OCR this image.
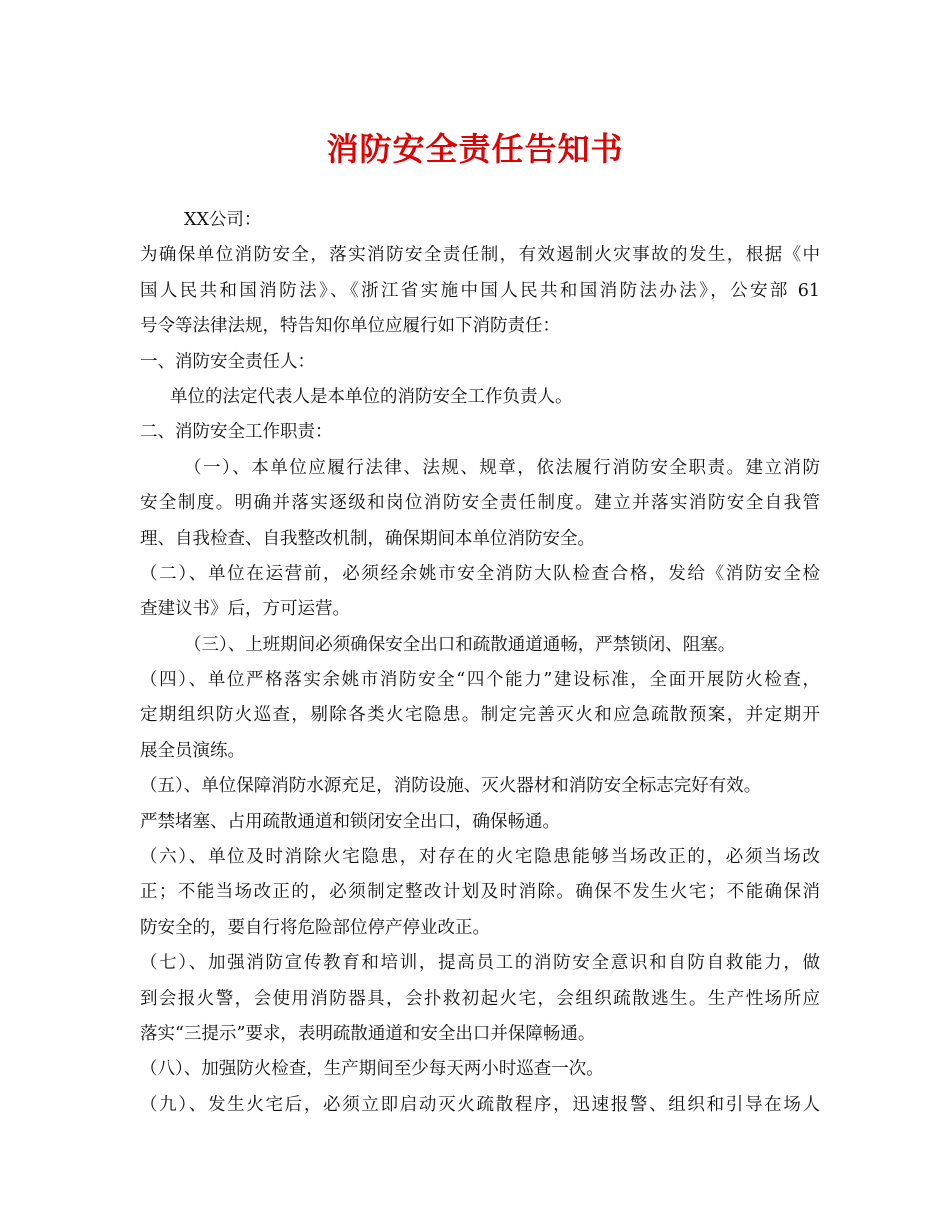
消防安全责任告知书
XX公司：
为确保单位消防安全，落实消防安全责任制，有效遏制火灾事故的发生，根据《中
国人民共和国消防法》、《浙江省实施中国人民共和国消防法办法》，公安部 61
号令等法律法规，特告知你单位应履行如下消防责任：
一、消防安全责任人：
单位的法定代表人是本单位的消防安全工作负责人。
二、消防安全工作职责：
（一）、本单位应履行法律、法规、规章，依法履行消防安全职责。建立消防
安全制度。明确并落实逐级和岗位消防安全责任制度。建立并落实消防安全自我管
理、自我检查、自我整改机制，确保期间本单位消防安全。
（二）、单位在运营前，必须经余姚市安全消防大队检查合格，发给《消防安全检
查建议书》后，方可运营。
（三）、上班期间必须确保安全出口和疏散通道通畅，严禁锁闭、阻塞。
（四）、单位严格落实余姚市消防安全“四个能力”建设标准，全面开展防火检查，
定期组织防火巡查，剔除各类火宅隐患。制定完善灭火和应急疏散预案，并定期开
展全员演练。
（五）、单位保障消防水源充足，消防设施、灭火器材和消防安全标志完好有效。
严禁堵塞、占用疏散通道和锁闭安全出口，确保畅通。
（六）、单位及时消除火宅隐患，对存在的火宅隐患能够当场改正的，必须当场改
正；不能当场改正的，必须制定整改计划及时消除。确保不发生火宅；不能确保消
防安全的，要自行将危险部位停产停业改正。
（七）、加强消防宣传教育和培训，提高员工的消防安全意识和自防自救能力，做
到会报火警，会使用消防器具，会扑救初起火宅，会组织疏散逃生。生产性场所应
落实“三提示”要求，表明疏散通道和安全出口并保障畅通。
（八）、加强防火检查，生产期间至少每天两小时巡查一次。
（九）、发生火宅后，必须立即启动灭火疏散程序，迅速报警、组织和引导在场人
